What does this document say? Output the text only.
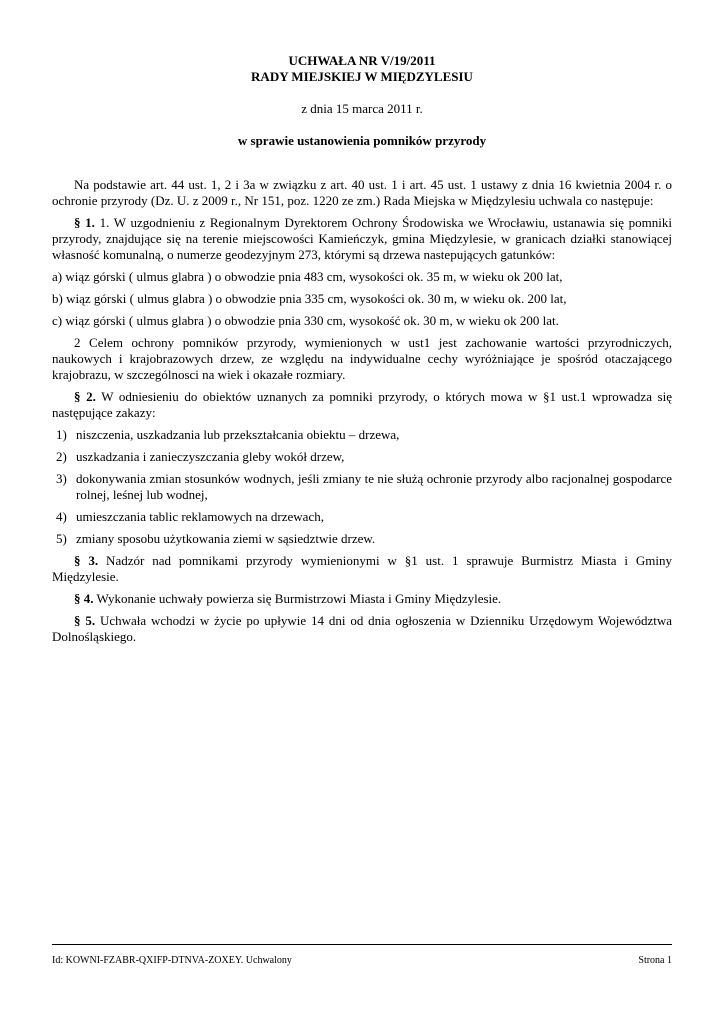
UCHWAŁA NR V/19/2011
RADY MIEJSKIEJ W MIĘDZYLESIU
z dnia 15 marca 2011 r.
w sprawie ustanowienia pomników przyrody

Na podstawie art. 44 ust. 1, 2 i 3a w związku z art. 40 ust. 1 i art. 45 ust. 1 ustawy z dnia 16 kwietnia 2004 r. o ochronie przyrody (Dz. U. z 2009 r., Nr 151, poz. 1220 ze zm.) Rada Miejska w Międzylesiu uchwala co następuje:

§ 1. 1. W uzgodnieniu z Regionalnym Dyrektorem Ochrony Środowiska we Wrocławiu, ustanawia się pomniki przyrody, znajdujące się na terenie miejscowości Kamieńczyk, gmina Międzylesie, w granicach działki stanowiącej własność komunalną, o numerze geodezyjnym 273, którymi są drzewa nastepujących gatunków:

a) wiąz górski ( ulmus glabra ) o obwodzie pnia 483 cm, wysokości ok. 35 m, w wieku ok 200 lat,

b) wiąz górski ( ulmus glabra ) o obwodzie pnia 335 cm, wysokości ok. 30 m, w wieku ok. 200 lat,

c) wiąz górski ( ulmus glabra ) o obwodzie pnia 330 cm, wysokość ok. 30 m, w wieku ok 200 lat.

2 Celem ochrony pomników przyrody, wymienionych w ust1 jest zachowanie wartości przyrodniczych, naukowych i krajobrazowych drzew, ze względu na indywidualne cechy wyróżniające je spośród otaczającego krajobrazu, w szczególnosci na wiek i okazałe rozmiary.

§ 2. W odniesieniu do obiektów uznanych za pomniki przyrody, o których mowa w §1 ust.1 wprowadza się następujące zakazy:

1) niszczenia, uszkadzania lub przekształcania obiektu – drzewa,
2) uszkadzania i zanieczyszczania gleby wokół drzew,
3) dokonywania zmian stosunków wodnych, jeśli zmiany te nie służą ochronie przyrody albo racjonalnej gospodarce rolnej, leśnej lub wodnej,
4) umieszczania tablic reklamowych na drzewach,
5) zmiany sposobu użytkowania ziemi w sąsiedztwie drzew.

§ 3. Nadzór nad pomnikami przyrody wymienionymi w §1 ust. 1 sprawuje Burmistrz Miasta i Gminy Międzylesie.

§ 4. Wykonanie uchwały powierza się Burmistrzowi Miasta i Gminy Międzylesie.

§ 5. Uchwała wchodzi w życie po upływie 14 dni od dnia ogłoszenia w Dzienniku Urzędowym Województwa Dolnośląskiego.

Id: KOWNI-FZABR-QXIFP-DTNVA-ZOXEY. Uchwalony	Strona 1
